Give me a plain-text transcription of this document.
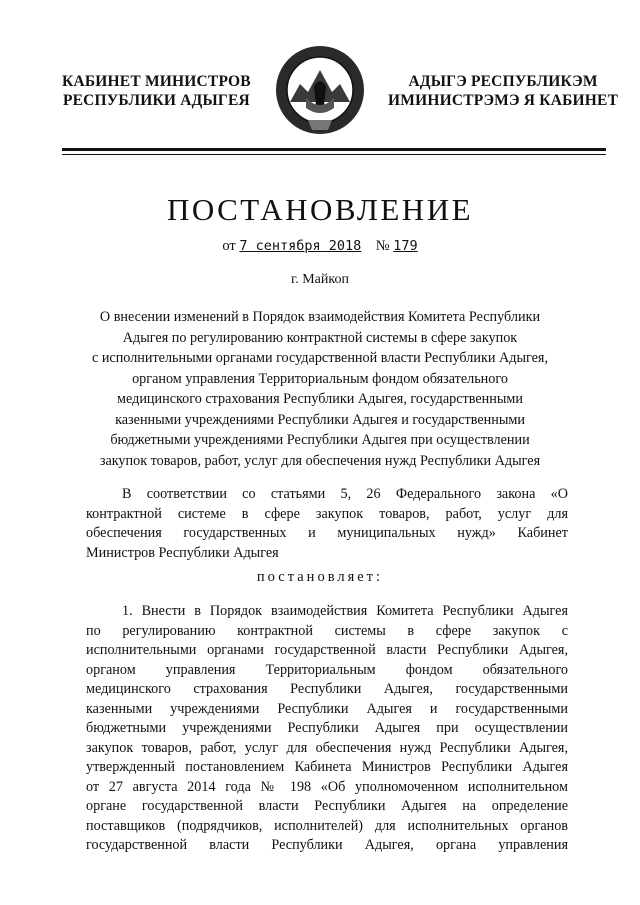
КАБИНЕТ МИНИСТРОВ
РЕСПУБЛИКИ АДЫГЕЯ
АДЫГЭ РЕСПУБЛИКЭМ
ИМИНИСТРЭМЭ Я КАБИНЕТ
ПОСТАНОВЛЕНИЕ
от 7 сентября 2018 № 179
г. Майкоп
О внесении изменений в Порядок взаимодействия Комитета Республики
Адыгея по регулированию контрактной системы в сфере закупок
с исполнительными органами государственной власти Республики Адыгея,
органом управления Территориальным фондом обязательного
медицинского страхования Республики Адыгея, государственными
казенными учреждениями Республики Адыгея и государственными
бюджетными учреждениями Республики Адыгея при осуществлении
закупок товаров, работ, услуг для обеспечения нужд Республики Адыгея
В соответствии со статьями 5, 26 Федерального закона «О
контрактной системе в сфере закупок товаров, работ, услуг для
обеспечения государственных и муниципальных нужд» Кабинет
Министров Республики Адыгея
постановляет:
1. Внести в Порядок взаимодействия Комитета Республики Адыгея
по регулированию контрактной системы в сфере закупок с
исполнительными органами государственной власти Республики Адыгея,
органом управления Территориальным фондом обязательного
медицинского страхования Республики Адыгея, государственными
казенными учреждениями Республики Адыгея и государственными
бюджетными учреждениями Республики Адыгея при осуществлении
закупок товаров, работ, услуг для обеспечения нужд Республики Адыгея,
утвержденный постановлением Кабинета Министров Республики Адыгея
от 27 августа 2014 года № 198 «Об уполномоченном исполнительном
органе государственной власти Республики Адыгея на определение
поставщиков (подрядчиков, исполнителей) для исполнительных органов
государственной власти Республики Адыгея, органа управления
